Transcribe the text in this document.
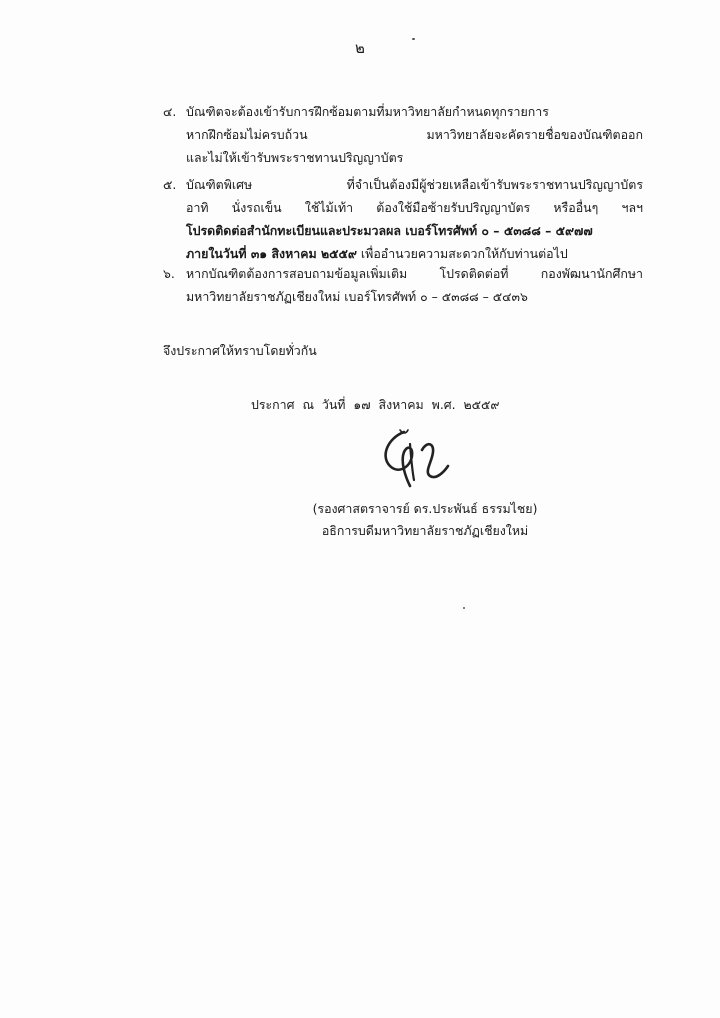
๒
๔. บัณฑิตจะต้องเข้ารับการฝึกซ้อมตามที่มหาวิทยาลัยกำหนดทุกรายการ
หากฝึกซ้อมไม่ครบถ้วน มหาวิทยาลัยจะคัดรายชื่อของบัณฑิตออก
และไม่ให้เข้ารับพระราชทานปริญญาบัตร
๕. บัณฑิตพิเศษ ที่จำเป็นต้องมีผู้ช่วยเหลือเข้ารับพระราชทานปริญญาบัตร
อาทิ นั่งรถเข็น ใช้ไม้เท้า ต้องใช้มือซ้ายรับปริญญาบัตร หรืออื่นๆ ฯลฯ
โปรดติดต่อสำนักทะเบียนและประมวลผล เบอร์โทรศัพท์ ๐ – ๕๓๘๘ – ๕๙๗๗
ภายในวันที่ ๓๑ สิงหาคม ๒๕๕๙ เพื่ออำนวยความสะดวกให้กับท่านต่อไป
๖. หากบัณฑิตต้องการสอบถามข้อมูลเพิ่มเติม โปรดติดต่อที่ กองพัฒนานักศึกษา
มหาวิทยาลัยราชภัฏเชียงใหม่ เบอร์โทรศัพท์ ๐ – ๕๓๘๘ – ๕๔๓๖
จึงประกาศให้ทราบโดยทั่วกัน
ประกาศ ณ วันที่ ๑๗ สิงหาคม พ.ศ. ๒๕๕๙
(รองศาสตราจารย์ ดร.ประพันธ์ ธรรมไชย)
อธิการบดีมหาวิทยาลัยราชภัฏเชียงใหม่
